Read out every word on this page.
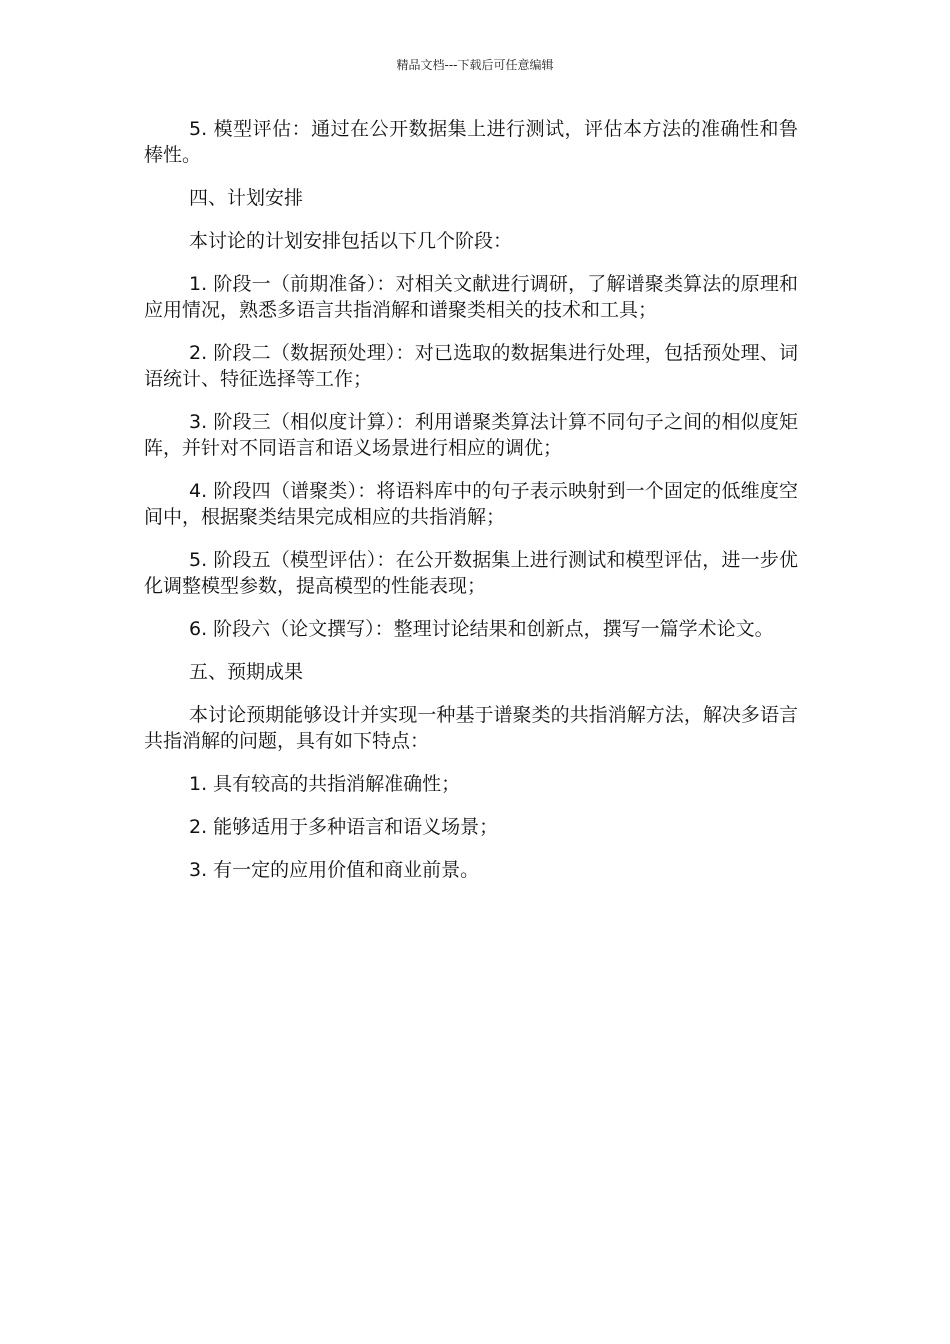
精品文档---下载后可任意编辑

5. 模型评估：通过在公开数据集上进行测试，评估本方法的准确性和鲁棒性。

四、计划安排

本讨论的计划安排包括以下几个阶段：

1. 阶段一（前期准备）：对相关文献进行调研，了解谱聚类算法的原理和应用情况，熟悉多语言共指消解和谱聚类相关的技术和工具；

2. 阶段二（数据预处理）：对已选取的数据集进行处理，包括预处理、词语统计、特征选择等工作；

3. 阶段三（相似度计算）：利用谱聚类算法计算不同句子之间的相似度矩阵，并针对不同语言和语义场景进行相应的调优；

4. 阶段四（谱聚类）：将语料库中的句子表示映射到一个固定的低维度空间中，根据聚类结果完成相应的共指消解；

5. 阶段五（模型评估）：在公开数据集上进行测试和模型评估，进一步优化调整模型参数，提高模型的性能表现；

6. 阶段六（论文撰写）：整理讨论结果和创新点，撰写一篇学术论文。

五、预期成果

本讨论预期能够设计并实现一种基于谱聚类的共指消解方法，解决多语言共指消解的问题，具有如下特点：

1. 具有较高的共指消解准确性；

2. 能够适用于多种语言和语义场景；

3. 有一定的应用价值和商业前景。
